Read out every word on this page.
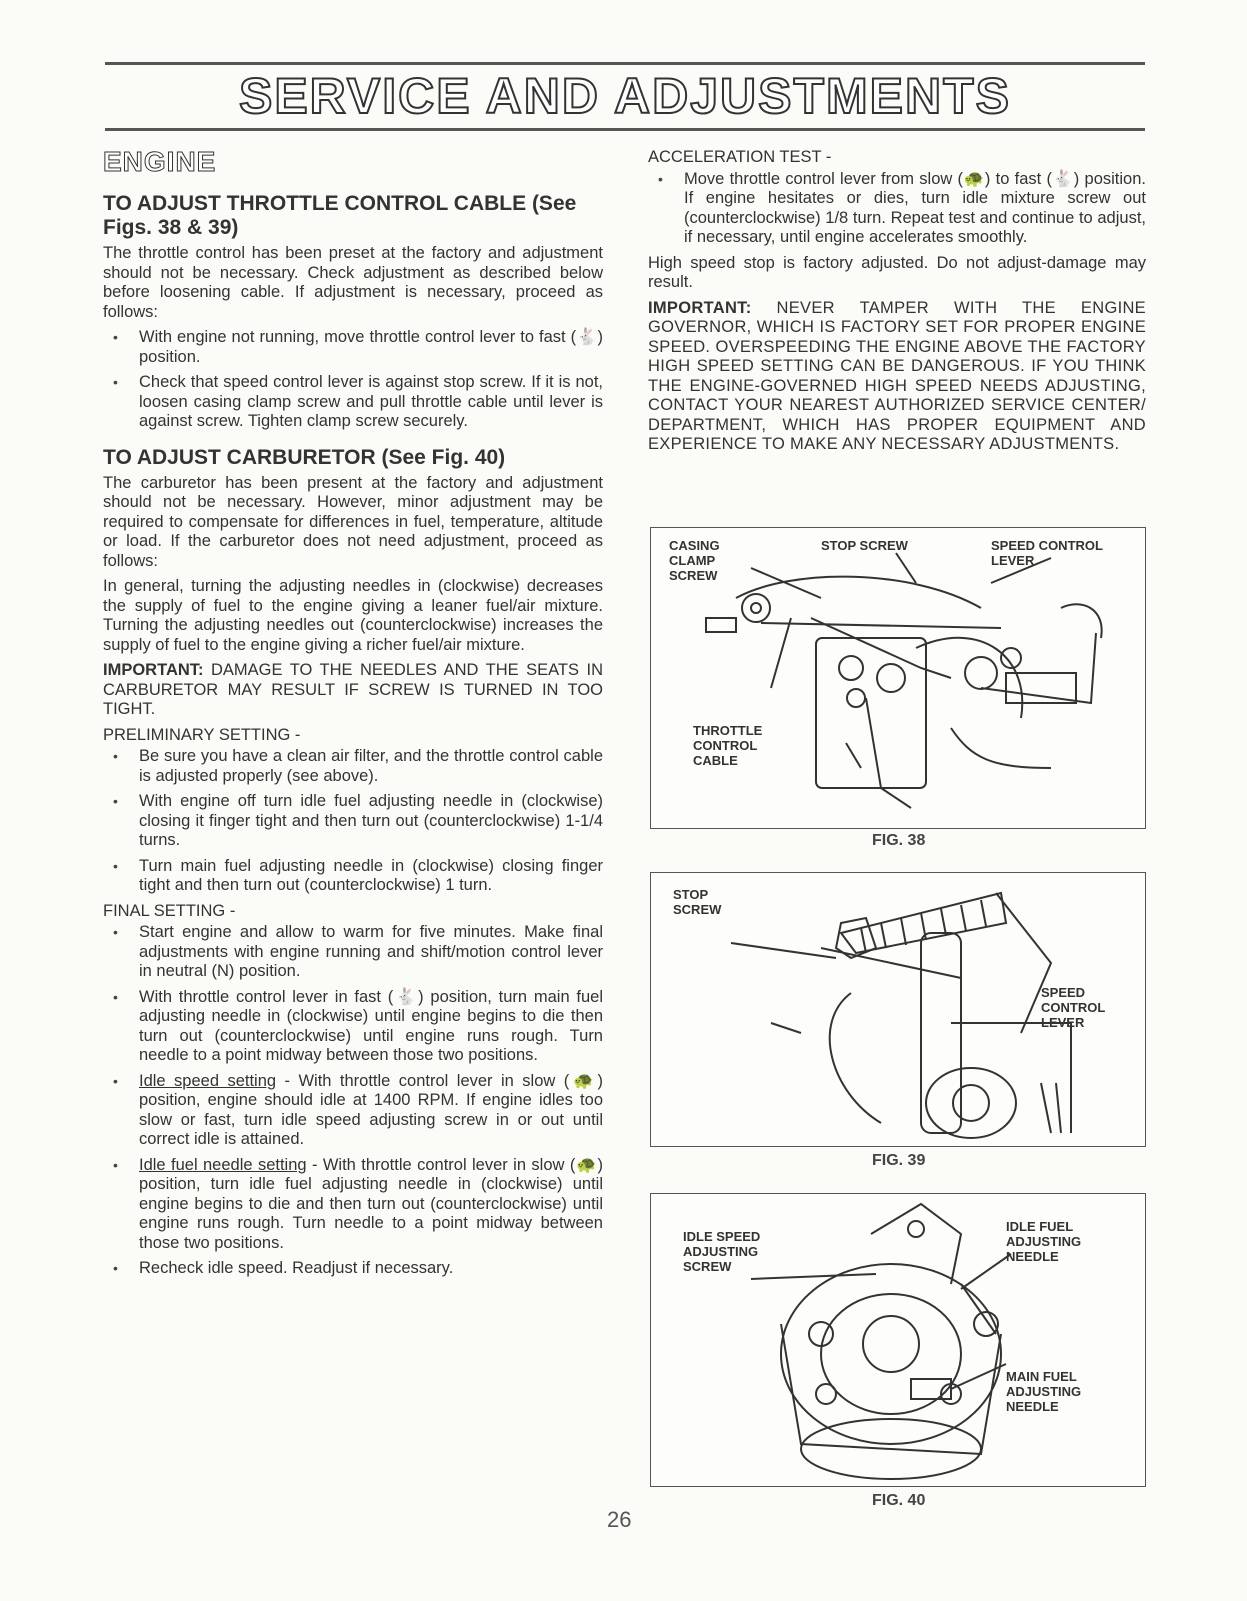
SERVICE AND ADJUSTMENTS
ENGINE
TO ADJUST THROTTLE CONTROL CABLE (See Figs. 38 & 39)

The throttle control has been preset at the factory and adjustment should not be necessary. Check adjustment as described below before loosening cable. If adjustment is necessary, proceed as follows:

• With engine not running, move throttle control lever to fast (🐇) position.
• Check that speed control lever is against stop screw. If it is not, loosen casing clamp screw and pull throttle cable until lever is against screw. Tighten clamp screw securely.
TO ADJUST CARBURETOR (See Fig. 40)

The carburetor has been present at the factory and adjustment should not be necessary. However, minor adjustment may be required to compensate for differences in fuel, temperature, altitude or load. If the carburetor does not need adjustment, proceed as follows:

In general, turning the adjusting needles in (clockwise) decreases the supply of fuel to the engine giving a leaner fuel/air mixture. Turning the adjusting needles out (counterclockwise) increases the supply of fuel to the engine giving a richer fuel/air mixture.

IMPORTANT: DAMAGE TO THE NEEDLES AND THE SEATS IN CARBURETOR MAY RESULT IF SCREW IS TURNED IN TOO TIGHT.

PRELIMINARY SETTING -
• Be sure you have a clean air filter, and the throttle control cable is adjusted properly (see above).
• With engine off turn idle fuel adjusting needle in (clockwise) closing it finger tight and then turn out (counterclockwise) 1-1/4 turns.
• Turn main fuel adjusting needle in (clockwise) closing finger tight and then turn out (counterclockwise) 1 turn.
FINAL SETTING -
• Start engine and allow to warm for five minutes. Make final adjustments with engine running and shift/motion control lever in neutral (N) position.
• With throttle control lever in fast (🐇) position, turn main fuel adjusting needle in (clockwise) until engine begins to die then turn out (counterclockwise) until engine runs rough. Turn needle to a point midway between those two positions.
• Idle speed setting - With throttle control lever in slow (🐢) position, engine should idle at 1400 RPM. If engine idles too slow or fast, turn idle speed adjusting screw in or out until correct idle is attained.
• Idle fuel needle setting - With throttle control lever in slow (🐢) position, turn idle fuel adjusting needle in (clockwise) until engine begins to die and then turn out (counterclockwise) until engine runs rough. Turn needle to a point midway between those two positions.
• Recheck idle speed. Readjust if necessary.
ACCELERATION TEST -
• Move throttle control lever from slow (🐢) to fast (🐇) position. If engine hesitates or dies, turn idle mixture screw out (counterclockwise) 1/8 turn. Repeat test and continue to adjust, if necessary, until engine accelerates smoothly.

High speed stop is factory adjusted. Do not adjust-damage may result.

IMPORTANT: NEVER TAMPER WITH THE ENGINE GOVERNOR, WHICH IS FACTORY SET FOR PROPER ENGINE SPEED. OVERSPEEDING THE ENGINE ABOVE THE FACTORY HIGH SPEED SETTING CAN BE DANGEROUS. IF YOU THINK THE ENGINE-GOVERNED HIGH SPEED NEEDS ADJUSTING, CONTACT YOUR NEAREST AUTHORIZED SERVICE CENTER/ DEPARTMENT, WHICH HAS PROPER EQUIPMENT AND EXPERIENCE TO MAKE ANY NECESSARY ADJUSTMENTS.

CASING
CLAMP
SCREW
STOP SCREW	SPEED CONTROL
LEVER
THROTTLE
CONTROL
CABLE
FIG. 38
STOP
SCREW
SPEED
CONTROL
LEVER
FIG. 39
IDLE SPEED
ADJUSTING
SCREW
IDLE FUEL
ADJUSTING
NEEDLE
MAIN FUEL
ADJUSTING
NEEDLE
FIG. 40
26
